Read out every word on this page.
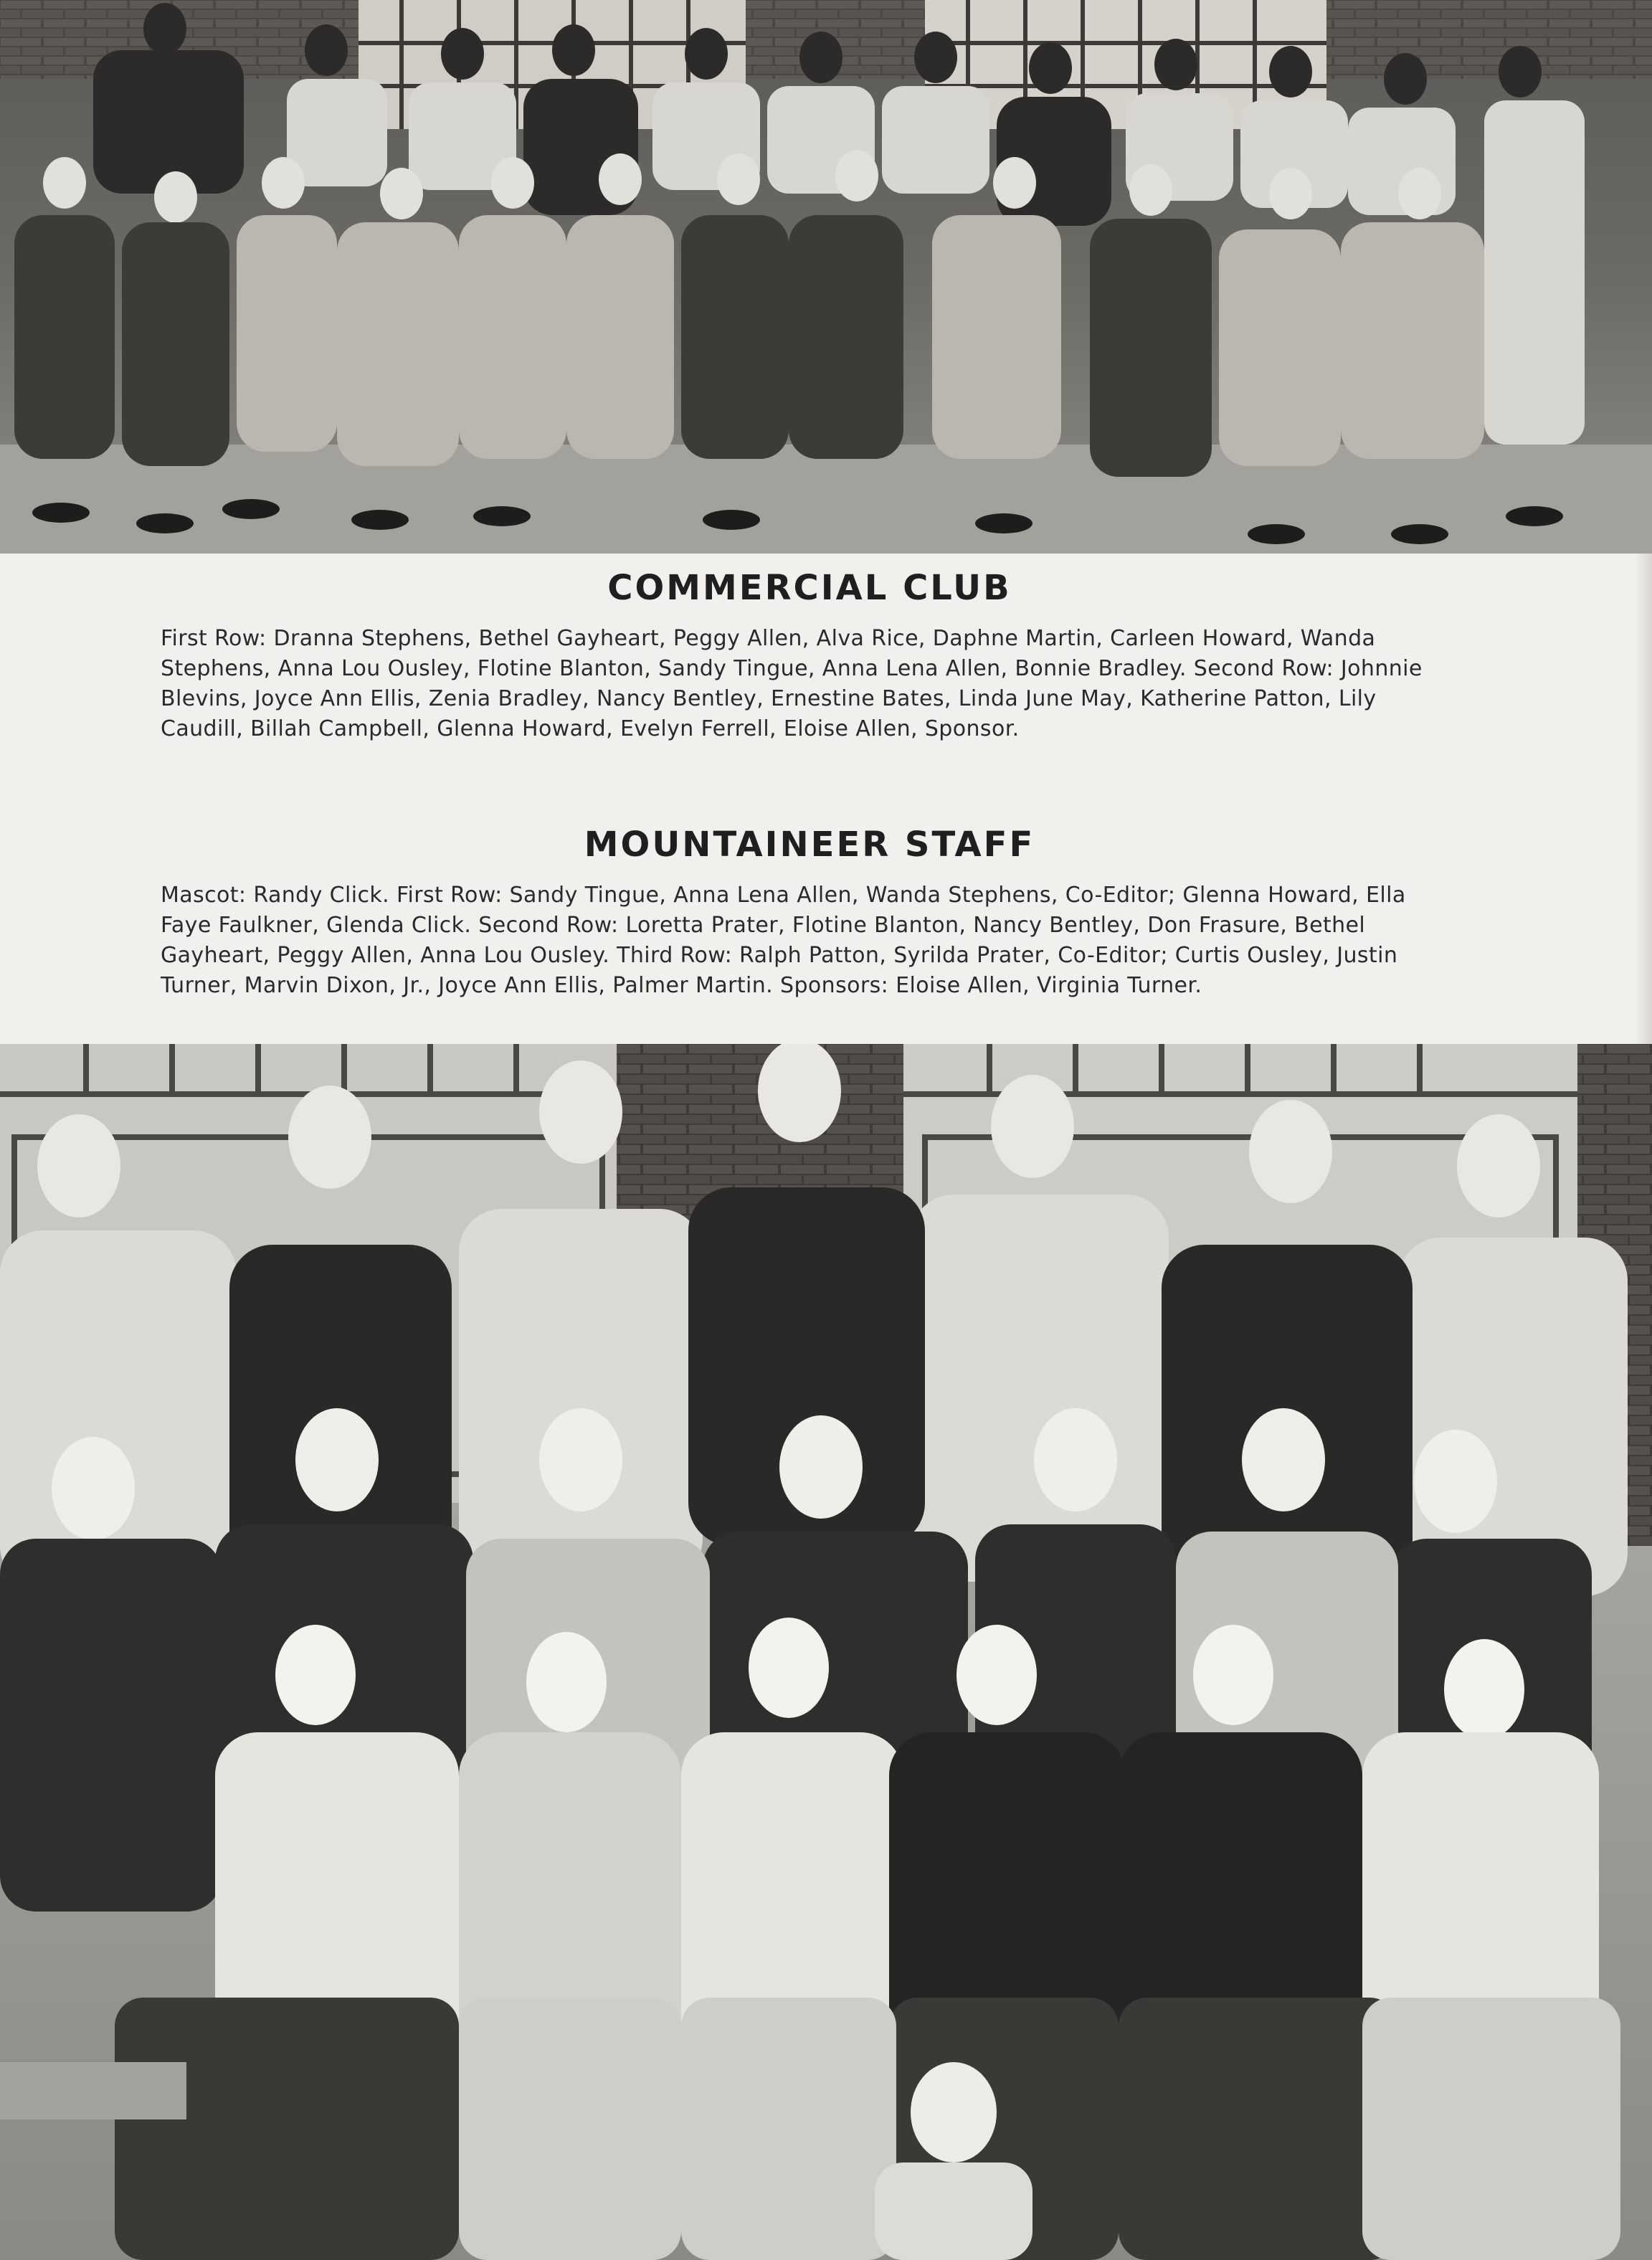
COMMERCIAL CLUB

First Row: Dranna Stephens, Bethel Gayheart, Peggy Allen, Alva Rice, Daphne Martin, Carleen Howard, Wanda Stephens, Anna Lou Ousley, Flotine Blanton, Sandy Tingue, Anna Lena Allen, Bonnie Bradley. Second Row: Johnnie Blevins, Joyce Ann Ellis, Zenia Bradley, Nancy Bentley, Ernestine Bates, Linda June May, Katherine Patton, Lily Caudill, Billah Campbell, Glenna Howard, Evelyn Ferrell, Eloise Allen, Sponsor.

MOUNTAINEER STAFF

Mascot: Randy Click. First Row: Sandy Tingue, Anna Lena Allen, Wanda Stephens, Co-Editor; Glenna Howard, Ella Faye Faulkner, Glenda Click. Second Row: Loretta Prater, Flotine Blanton, Nancy Bentley, Don Frasure, Bethel Gayheart, Peggy Allen, Anna Lou Ousley. Third Row: Ralph Patton, Syrilda Prater, Co-Editor; Curtis Ousley, Justin Turner, Marvin Dixon, Jr., Joyce Ann Ellis, Palmer Martin. Sponsors: Eloise Allen, Virginia Turner.
